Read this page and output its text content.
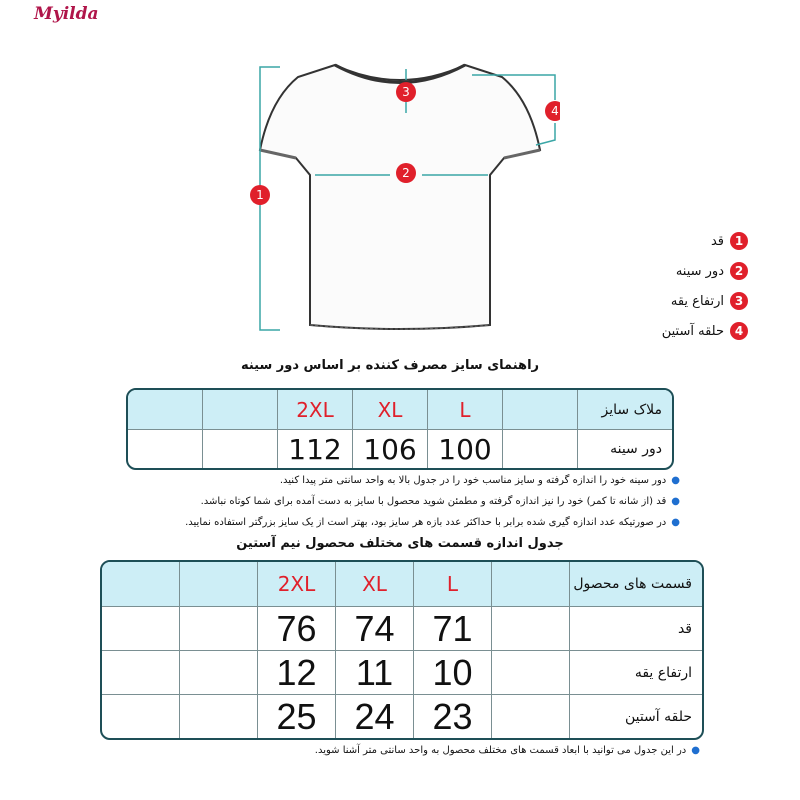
Myilda
1
2
3
4
قد 1
دور سینه 2
ارتفاع یقه 3
حلقه آستین 4
راهنمای سایز مصرف کننده بر اساس دور سینه
		2XL	XL	L		ملاک سایز
		112	106	100		دور سینه
●
دور سینه خود را اندازه گرفته و سایز مناسب خود را در جدول بالا به واحد سانتی متر پیدا کنید.
●
قد (از شانه تا کمر) خود را نیز اندازه گرفته و مطمئن شوید محصول با سایز به دست آمده برای شما کوتاه نباشد.
●
در صورتیکه عدد اندازه گیری شده برابر با حداکثر عدد بازه هر سایز بود، بهتر است از یک سایز بزرگتر استفاده نمایید.
جدول اندازه قسمت های مختلف محصول نیم آستین
		2XL	XL	L		قسمت های محصول
		76	74	71		قد
		12	11	10		ارتفاع یقه
		25	24	23		حلقه آستین
●
در این جدول می توانید با ابعاد قسمت های مختلف محصول به واحد سانتی متر آشنا شوید.
